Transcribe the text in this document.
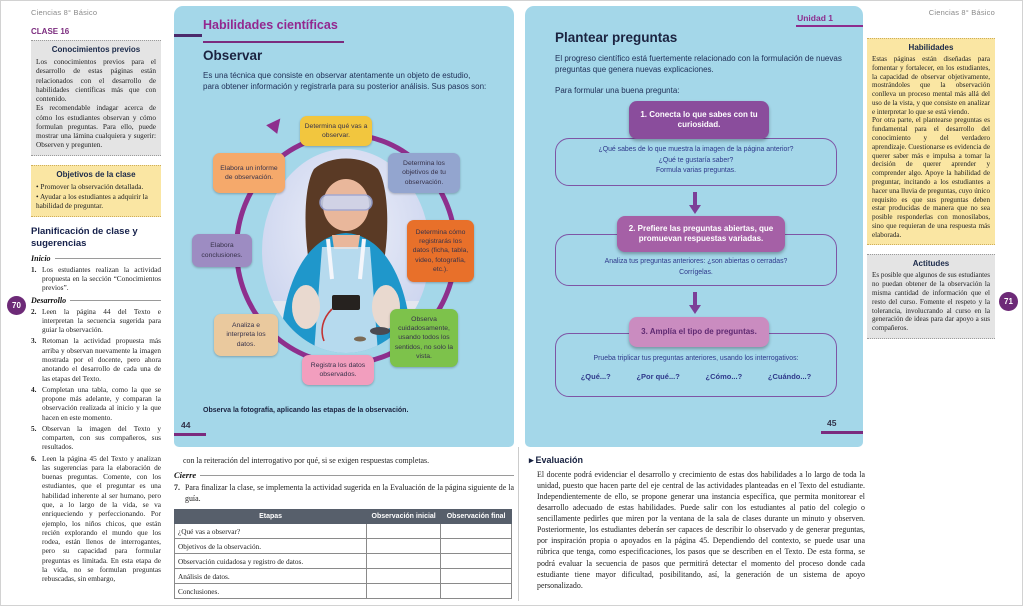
Ciencias 8° Básico
CLASE 16
Conocimientos previos

Los conocimientos previos para el desarrollo de estas páginas están relacionados con el desarrollo de habilidades científicas más que con contenido.

Es recomendable indagar acerca de cómo los estudiantes observan y cómo formulan preguntas. Para ello, puede mostrar una lámina cualquiera y sugerir: Observen y pregunten.

Objetivos de la clase
• Promover la observación detallada.
• Ayudar a los estudiantes a adquirir la habilidad de preguntar.
Planificación de clase y sugerencias
Inicio
1. Los estudiantes realizan la actividad propuesta en la sección “Conocimientos previos”.
Desarrollo
2. Leen la página 44 del Texto e interpretan la secuencia sugerida para guiar la observación.
3. Retoman la actividad propuesta más arriba y observan nuevamente la imagen mostrada por el docente, pero ahora anotando el desarrollo de cada una de las etapas del Texto.
4. Completan una tabla, como la que se propone más adelante, y comparan la observación realizada al inicio y la que hacen en este momento.
5. Observan la imagen del Texto y comparten, con sus compañeros, sus resultados.
6. Leen la página 45 del Texto y analizan las sugerencias para la elaboración de buenas preguntas. Comente, con los estudiantes, que el preguntar es una habilidad inherente al ser humano, pero que, a lo largo de la vida, se va enriqueciendo y perfeccionando. Por ejemplo, los niños chicos, que están recién explorando el mundo que los rodea, están llenos de interrogantes, pero su capacidad para formular preguntas es limitada. En esta etapa de la vida, no se formulan preguntas rebuscadas, sin embargo,
70
Habilidades científicas
Observar
Es una técnica que consiste en observar atentamente un objeto de estudio, para obtener información y registrarla para su posterior análisis. Sus pasos son:
Determina qué vas a observar.
Determina los objetivos de tu observación.
Determina cómo registrarás los datos (ficha, tabla, video, fotografía, etc.).
Observa cuidadosamente, usando todos los sentidos, no solo la vista.
Registra los datos observados.
Analiza e interpreta los datos.
Elabora conclusiones.
Elabora un informe de observación.
Observa la fotografía, aplicando las etapas de la observación.
44
Unidad 1
Plantear preguntas
El progreso científico está fuertemente relacionado con la formulación de nuevas preguntas que genera nuevas explicaciones.
Para formular una buena pregunta:
1. Conecta lo que sabes con tu curiosidad.
¿Qué sabes de lo que muestra la imagen de la página anterior?
¿Qué te gustaría saber?
Formula varias preguntas.
2. Prefiere las preguntas abiertas, que promuevan respuestas variadas.
Analiza tus preguntas anteriores: ¿son abiertas o cerradas?
Corrígelas.
3. Amplía el tipo de preguntas.
Prueba triplicar tus preguntas anteriores, usando los interrogativos:
¿Qué...?	¿Por qué...?	¿Cómo...?	¿Cuándo...?
45

con la reiteración del interrogativo por qué, si se exigen respuestas completas.

Cierre
7. Para finalizar la clase, se implementa la actividad sugerida en la Evaluación de la página siguiente de la guía.
Etapas	Observación inicial	Observación final
¿Qué vas a observar?		
Objetivos de la observación.		
Observación cuidadosa y registro de datos.		
Análisis de datos.		
Conclusiones.		
▸ Evaluación

El docente podrá evidenciar el desarrollo y crecimiento de estas dos habilidades a lo largo de toda la unidad, puesto que hacen parte del eje central de las actividades planteadas en el Texto del estudiante. Independientemente de ello, se propone generar una instancia específica, que permita monitorear el desarrollo adecuado de estas habilidades. Puede salir con los estudiantes al patio del colegio o sencillamente pedirles que miren por la ventana de la sala de clases durante un minuto y observen. Posteriormente, los estudiantes deberán ser capaces de describir lo observado y de generar preguntas, por inspiración propia o apoyados en la página 45. Dependiendo del contexto, se puede usar una rúbrica que tenga, como especificaciones, los pasos que se describen en el Texto. De esta forma, se podrá evaluar la secuencia de pasos que permitirá detectar el momento del proceso donde cada estudiante tiene mayor dificultad, posibilitando, así, la generación de un sistema de apoyo personalizado.

Ciencias 8° Básico
Habilidades

Estas páginas están diseñadas para fomentar y fortalecer, en los estudiantes, la capacidad de observar objetivamente, mostrándoles que la observación conlleva un proceso mental más allá del uso de la vista, y que consiste en analizar e interpretar lo que se está viendo.

Por otra parte, el plantearse preguntas es fundamental para el desarrollo del conocimiento y del verdadero aprendizaje. Cuestionarse es evidencia de querer saber más e impulsa a tomar la decisión de querer aprender y comprender algo. Apoye la habilidad de preguntar, incitando a los estudiantes a hacer una lluvia de preguntas, cuyo único requisito es que sus preguntas deben estar producidas de manera que no sea posible responderlas con monosílabos, sino que requieran de una respuesta más elaborada.

Actitudes

Es posible que algunos de sus estudiantes no puedan obtener de la observación la misma cantidad de información que el resto del curso. Fomente el respeto y la tolerancia, involucrando al curso en la generación de ideas para dar apoyo a sus compañeros.

71
